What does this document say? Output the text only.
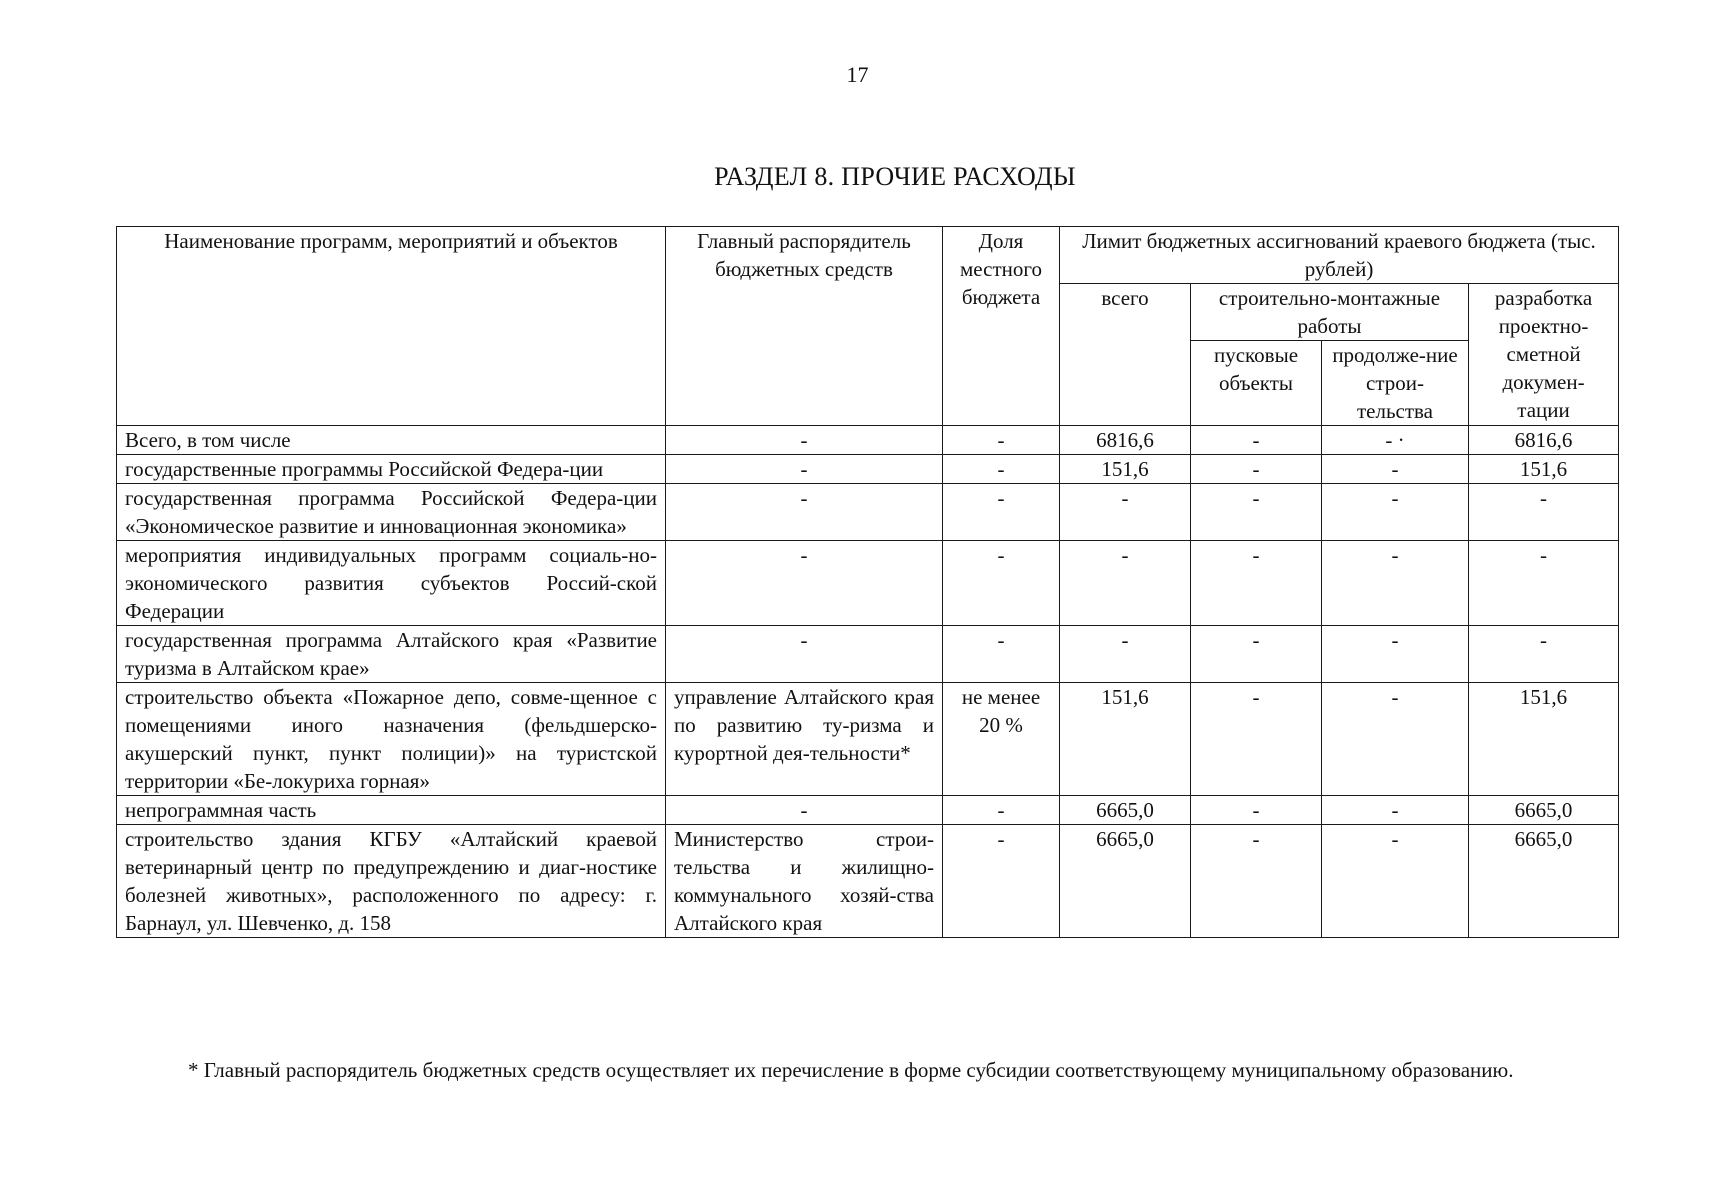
17
РАЗДЕЛ 8. ПРОЧИЕ РАСХОДЫ
Наименование программ, мероприятий и объектов	Главный распорядитель бюджетных средств	Доля местного бюджета	Лимит бюджетных ассигнований краевого бюджета (тыс. рублей)			
			всего	строительно-монтажные работы		разработка проектно-сметной докумен-тации
				пусковые объекты	продолже-ние строи-тельства	

Всего, в том числе	-	-	6816,6	-	- ·	6816,6
государственные программы Российской Федера-ции	-	-	151,6	-	-	151,6
государственная программа Российской Федера-ции «Экономическое развитие и инновационная экономика»	-	-	-	-	-	-
мероприятия индивидуальных программ социаль-но-экономического развития субъектов Россий-ской Федерации	-	-	-	-	-	-
государственная программа Алтайского края «Развитие туризма в Алтайском крае»	-	-	-	-	-	-
строительство объекта «Пожарное депо, совме-щенное с помещениями иного назначения (фельдшерско-акушерский пункт, пункт полиции)» на туристской территории «Бе-локуриха горная»	управление Алтайского края по развитию ту-ризма и курортной дея-тельности*	не менее 20 %	151,6	-	-	151,6
непрограммная часть	-	-	6665,0	-	-	6665,0
строительство здания КГБУ «Алтайский краевой ветеринарный центр по предупреждению и диаг-ностике болезней животных», расположенного по адресу: г. Барнаул, ул. Шевченко, д. 158	Министерство строи-тельства и жилищно-коммунального хозяй-ства Алтайского края	-	6665,0	-	-	6665,0
* Главный распорядитель бюджетных средств осуществляет их перечисление в форме субсидии соответствующему муниципальному образованию.
